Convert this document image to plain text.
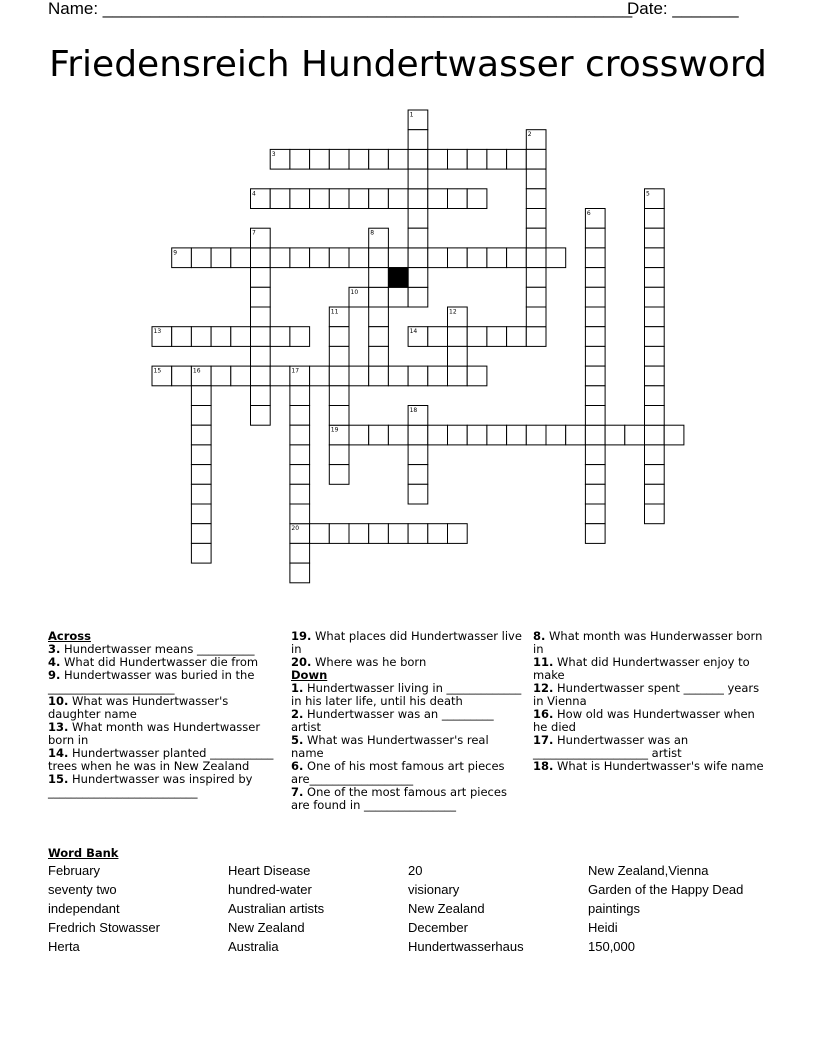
Name: ________________________________________________________
Date: _______
Friedensreich Hundertwasser crossword
1
2
3
4	5
6
7	8
9
10
11	12
13	14
15	16	17
18
19
20
Across
3. Hundertwasser means __________
4. What did Hundertwasser die from
9. Hundertwasser was buried in the ______________________
10. What was Hundertwasser's daughter name
13. What month was Hundertwasser born in
14. Hundertwasser planted ___________ trees when he was in New Zealand
15. Hundertwasser was inspired by __________________________
19. What places did Hundertwasser live in
20. Where was he born
Down
1. Hundertwasser living in _____________ in his later life, until his death
2. Hundertwasser was an _________ artist
5. What was Hundertwasser's real name
6. One of his most famous art pieces are__________________
7. One of the most famous art pieces are found in ________________
8. What month was Hunderwasser born in
11. What did Hundertwasser enjoy to make
12. Hundertwasser spent _______ years in Vienna
16. How old was Hundertwasser when he died
17. Hundertwasser was an ____________________ artist
18. What is Hundertwasser's wife name
Word Bank
February	Heart Disease	20	New Zealand,Vienna
seventy two	hundred-water	visionary	Garden of the Happy Dead
independant	Australian artists	New Zealand	paintings
Fredrich Stowasser	New Zealand	December	Heidi
Herta	Australia	Hundertwasserhaus	150,000
